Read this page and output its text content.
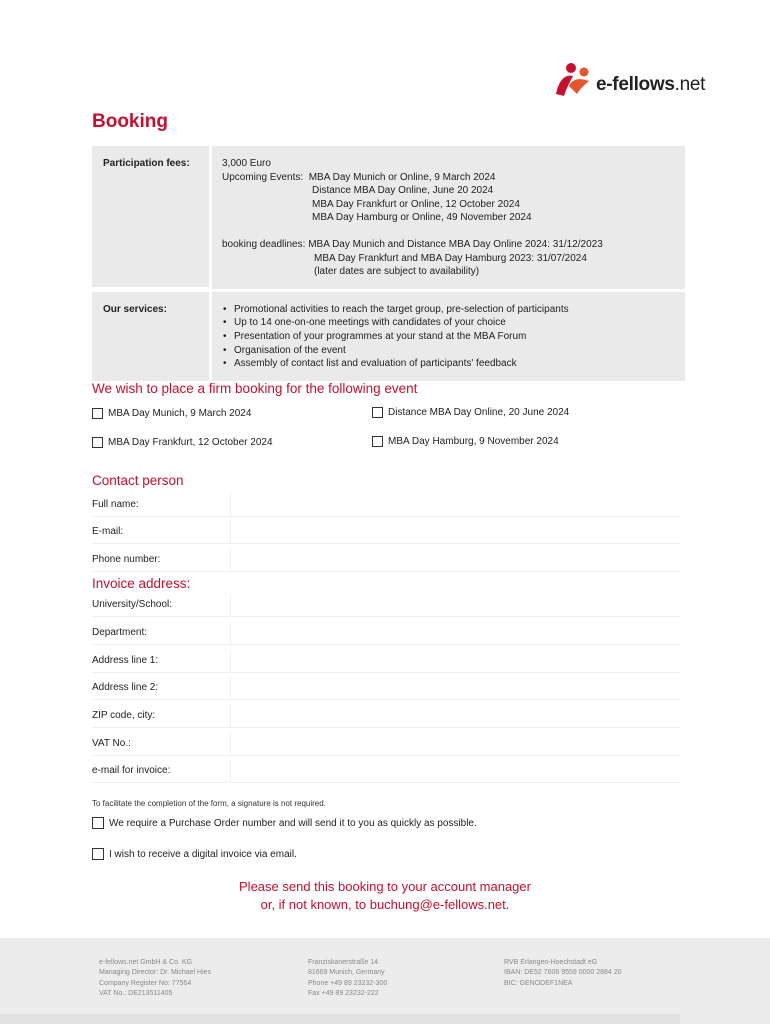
e-fellows.net
Booking
Participation fees:	3,000 Euro
Upcoming Events: MBA Day Munich or Online, 9 March 2024
Distance MBA Day Online, June 20 2024
MBA Day Frankfurt or Online, 12 October 2024
MBA Day Hamburg or Online, 49 November 2024
booking deadlines: MBA Day Munich and Distance MBA Day Online 2024: 31/12/2023
MBA Day Frankfurt and MBA Day Hamburg 2023: 31/07/2024
(later dates are subject to availability)
Our services:
•	Promotional activities to reach the target group, pre-selection of participants
• Up to 14 one-on-one meetings with candidates of your choice
• Presentation of your programmes at your stand at the MBA Forum
• Organisation of the event
• Assembly of contact list and evaluation of participants' feedback
We wish to place a firm booking for the following event
MBA Day Munich, 9 March 2024	Distance MBA Day Online, 20 June 2024
MBA Day Frankfurt, 12 October 2024	MBA Day Hamburg, 9 November 2024
Contact person
Full name:
E-mail:
Phone number:
Invoice address:
University/School:
Department:
Address line 1:
Address line 2:
ZIP code, city:
VAT No.:
e-mail for invoice:
To facilitate the completion of the form, a signature is not required.
We require a Purchase Order number and will send it to you as quickly as possible.
I wish to receive a digital invoice via email.
Please send this booking to your account manager
or, if not known, to buchung@e-fellows.net.
e-fellows.net GmbH & Co. KG
Managing Director: Dr. Michael Hies
Company Register No: 77564
VAT No.: DE213511405
Franziskanerstraße 14
81669 Munich, Germany
Phone +49 89 23232-300
Fax +49 89 23232-222
RVB Erlangen-Hoechstadt eG
IBAN: DE52 7606 9559 0000 2884 20
BIC: GENODEF1NEA
